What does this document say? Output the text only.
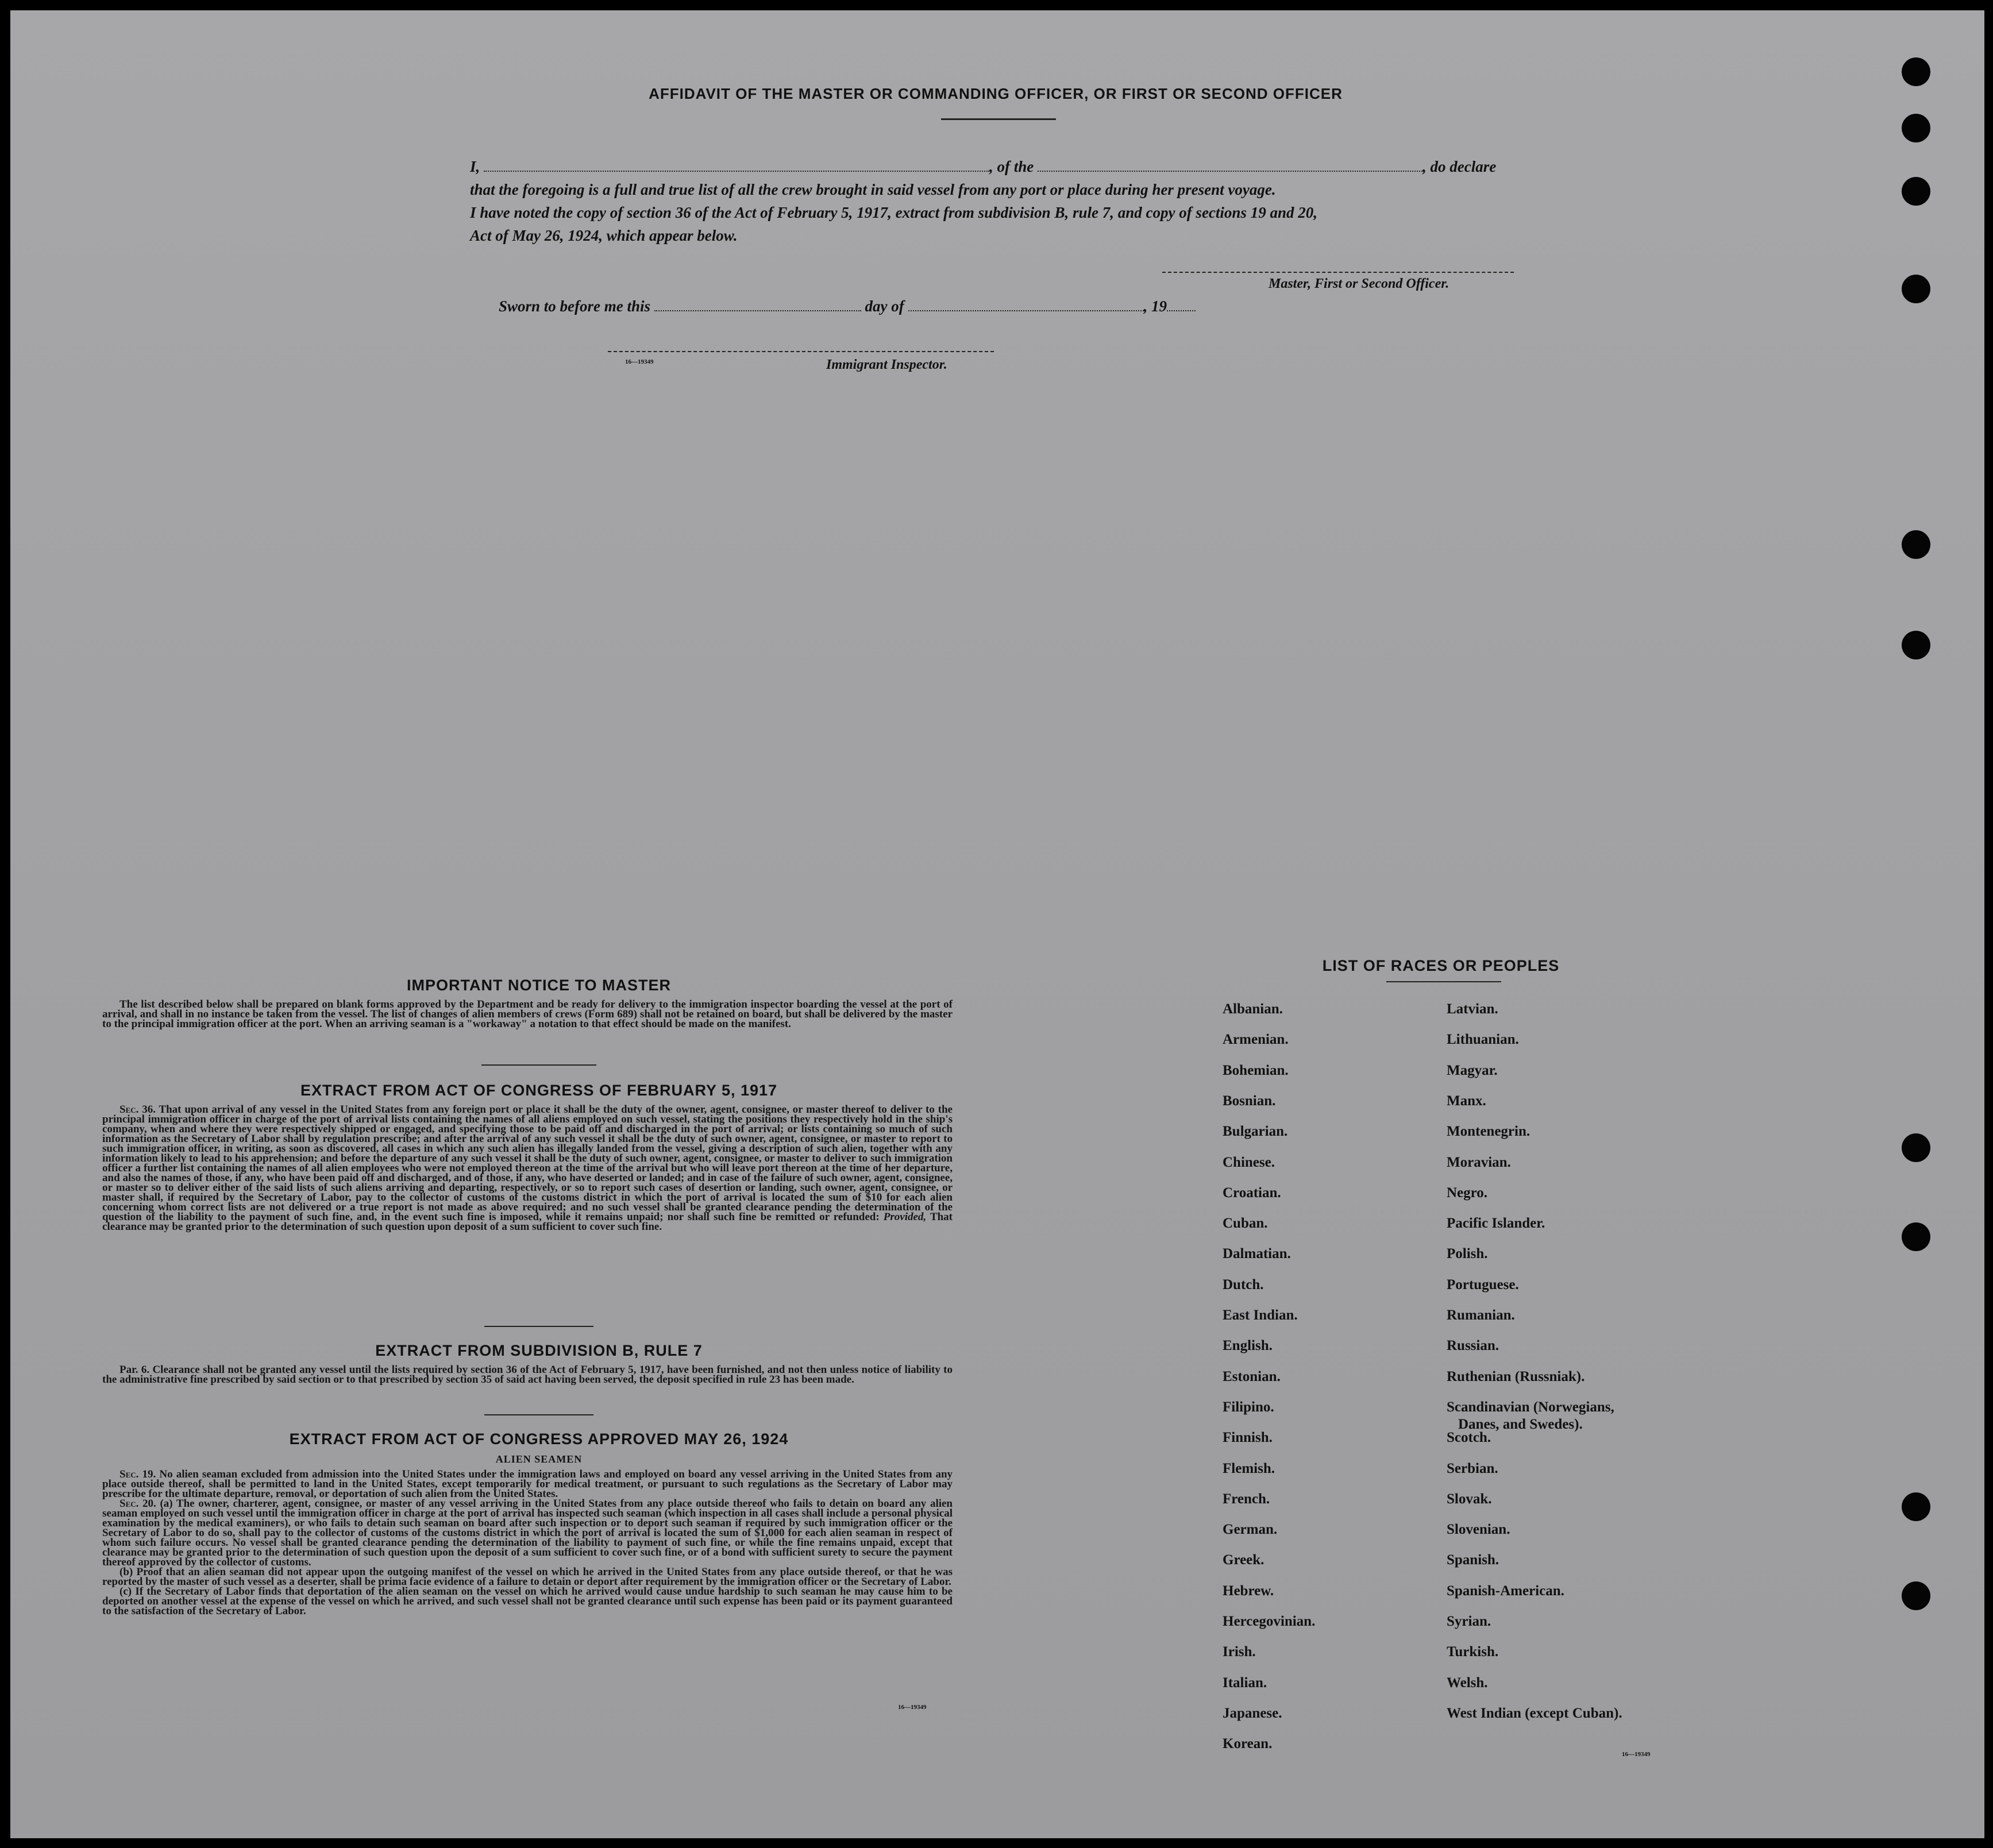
AFFIDAVIT OF THE MASTER OR COMMANDING OFFICER, OR FIRST OR SECOND OFFICER

I,	, of the	, do declare

that the foregoing is a full and true list of all the crew brought in said vessel from any port or place during her present voyage.

I have noted the copy of section 36 of the Act of February 5, 1917, extract from subdivision B, rule 7, and copy of sections 19 and 20,

Act of May 26, 1924, which appear below.

Master, First or Second Officer.
Sworn to before me this	day of	, 19
16—19349	Immigrant Inspector.
IMPORTANT NOTICE TO MASTER

The list described below shall be prepared on blank forms approved by the Department and be ready for delivery to the immigration inspector boarding the vessel at the port of arrival, and shall in no instance be taken from the vessel. The list of changes of alien members of crews (Form 689) shall not be retained on board, but shall be delivered by the master to the principal immigration officer at the port. When an arriving seaman is a "workaway" a notation to that effect should be made on the manifest.

EXTRACT FROM ACT OF CONGRESS OF FEBRUARY 5, 1917

Sec. 36. That upon arrival of any vessel in the United States from any foreign port or place it shall be the duty of the owner, agent, consignee, or master thereof to deliver to the principal immigration officer in charge of the port of arrival lists containing the names of all aliens employed on such vessel, stating the positions they respectively hold in the ship's company, when and where they were respectively shipped or engaged, and specifying those to be paid off and discharged in the port of arrival; or lists containing so much of such information as the Secretary of Labor shall by regulation prescribe; and after the arrival of any such vessel it shall be the duty of such owner, agent, consignee, or master to report to such immigration officer, in writing, as soon as discovered, all cases in which any such alien has illegally landed from the vessel, giving a description of such alien, together with any information likely to lead to his apprehension; and before the departure of any such vessel it shall be the duty of such owner, agent, consignee, or master to deliver to such immigration officer a further list containing the names of all alien employees who were not employed thereon at the time of the arrival but who will leave port thereon at the time of her departure, and also the names of those, if any, who have been paid off and discharged, and of those, if any, who have deserted or landed; and in case of the failure of such owner, agent, consignee, or master so to deliver either of the said lists of such aliens arriving and departing, respectively, or so to report such cases of desertion or landing, such owner, agent, consignee, or master shall, if required by the Secretary of Labor, pay to the collector of customs of the customs district in which the port of arrival is located the sum of $10 for each alien concerning whom correct lists are not delivered or a true report is not made as above required; and no such vessel shall be granted clearance pending the determination of the question of the liability to the payment of such fine, and, in the event such fine is imposed, while it remains unpaid; nor shall such fine be remitted or refunded: Provided, That clearance may be granted prior to the determination of such question upon deposit of a sum sufficient to cover such fine.

EXTRACT FROM SUBDIVISION B, RULE 7

Par. 6. Clearance shall not be granted any vessel until the lists required by section 36 of the Act of February 5, 1917, have been furnished, and not then unless notice of liability to the administrative fine prescribed by said section or to that prescribed by section 35 of said act having been served, the deposit specified in rule 23 has been made.

EXTRACT FROM ACT OF CONGRESS APPROVED MAY 26, 1924
ALIEN SEAMEN

Sec. 19. No alien seaman excluded from admission into the United States under the immigration laws and employed on board any vessel arriving in the United States from any place outside thereof, shall be permitted to land in the United States, except temporarily for medical treatment, or pursuant to such regulations as the Secretary of Labor may prescribe for the ultimate departure, removal, or deportation of such alien from the United States.

Sec. 20. (a) The owner, charterer, agent, consignee, or master of any vessel arriving in the United States from any place outside thereof who fails to detain on board any alien seaman employed on such vessel until the immigration officer in charge at the port of arrival has inspected such seaman (which inspection in all cases shall include a personal physical examination by the medical examiners), or who fails to detain such seaman on board after such inspection or to deport such seaman if required by such immigration officer or the Secretary of Labor to do so, shall pay to the collector of customs of the customs district in which the port of arrival is located the sum of $1,000 for each alien seaman in respect of whom such failure occurs. No vessel shall be granted clearance pending the determination of the liability to payment of such fine, or while the fine remains unpaid, except that clearance may be granted prior to the determination of such question upon the deposit of a sum sufficient to cover such fine, or of a bond with sufficient surety to secure the payment thereof approved by the collector of customs.

(b) Proof that an alien seaman did not appear upon the outgoing manifest of the vessel on which he arrived in the United States from any place outside thereof, or that he was reported by the master of such vessel as a deserter, shall be prima facie evidence of a failure to detain or deport after requirement by the immigration officer or the Secretary of Labor.

(c) If the Secretary of Labor finds that deportation of the alien seaman on the vessel on which he arrived would cause undue hardship to such seaman he may cause him to be deported on another vessel at the expense of the vessel on which he arrived, and such vessel shall not be granted clearance until such expense has been paid or its payment guaranteed to the satisfaction of the Secretary of Labor.

16—19349
LIST OF RACES OR PEOPLES
16—19349
Albanian.
Armenian.
Bohemian.
Bosnian.
Bulgarian.
Chinese.
Croatian.
Cuban.
Dalmatian.
Dutch.
East Indian.
English.
Estonian.
Filipino.
Finnish.
Flemish.
French.
German.
Greek.
Hebrew.
Hercegovinian.
Irish.
Italian.
Japanese.
Korean.
Latvian.
Lithuanian.
Magyar.
Manx.
Montenegrin.
Moravian.
Negro.
Pacific Islander.
Polish.
Portuguese.
Rumanian.
Russian.
Ruthenian (Russniak).
Scandinavian (Norwegians,
Danes, and Swedes).
Scotch.
Serbian.
Slovak.
Slovenian.
Spanish.
Spanish-American.
Syrian.
Turkish.
Welsh.
West Indian (except Cuban).
